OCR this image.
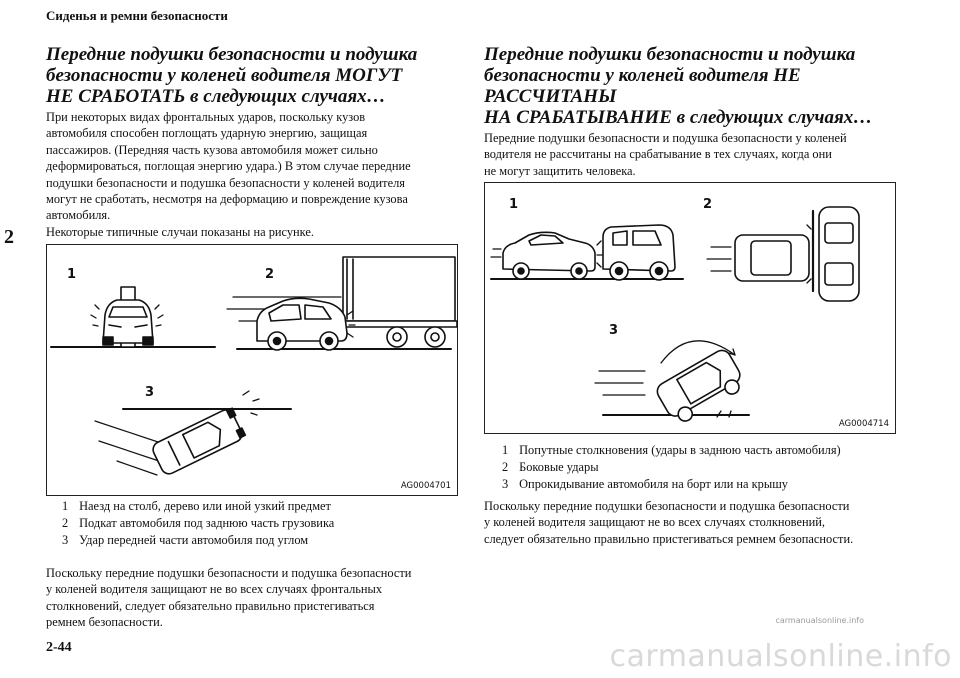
Сиденья и ремни безопасности
2
2-44
carmanualsonline.info
carmanualsonline.info
Передние подушки безопасности и подушка
безопасности у коленей водителя МОГУТ
НЕ СРАБОТАТЬ в следующих случаях…
При некоторых видах фронтальных ударов, поскольку кузов
автомобиля способен поглощать ударную энергию, защищая
пассажиров. (Передняя часть кузова автомобиля может сильно
деформироваться, поглощая энергию удара.) В этом случае передние
подушки безопасности и подушка безопасности у коленей водителя
могут не сработать, несмотря на деформацию и повреждение кузова
автомобиля.
Некоторые типичные случаи показаны на рисунке.
1	2
3
AG0004701
1 Наезд на столб, дерево или иной узкий предмет
2 Подкат автомобиля под заднюю часть грузовика
3 Удар передней части автомобиля под углом
Поскольку передние подушки безопасности и подушка безопасности
у коленей водителя защищают не во всех случаях фронтальных
столкновений, следует обязательно правильно пристегиваться
ремнем безопасности.
Передние подушки безопасности и подушка
безопасности у коленей водителя НЕ РАССЧИТАНЫ
НА СРАБАТЫВАНИЕ в следующих случаях…
Передние подушки безопасности и подушка безопасности у коленей
водителя не рассчитаны на срабатывание в тех случаях, когда они
не могут защитить человека.
1	2
3
AG0004714
1 Попутные столкновения (удары в заднюю часть автомобиля)
2 Боковые удары
3 Опрокидывание автомобиля на борт или на крышу
Поскольку передние подушки безопасности и подушка безопасности
у коленей водителя защищают не во всех случаях столкновений,
следует обязательно правильно пристегиваться ремнем безопасности.
